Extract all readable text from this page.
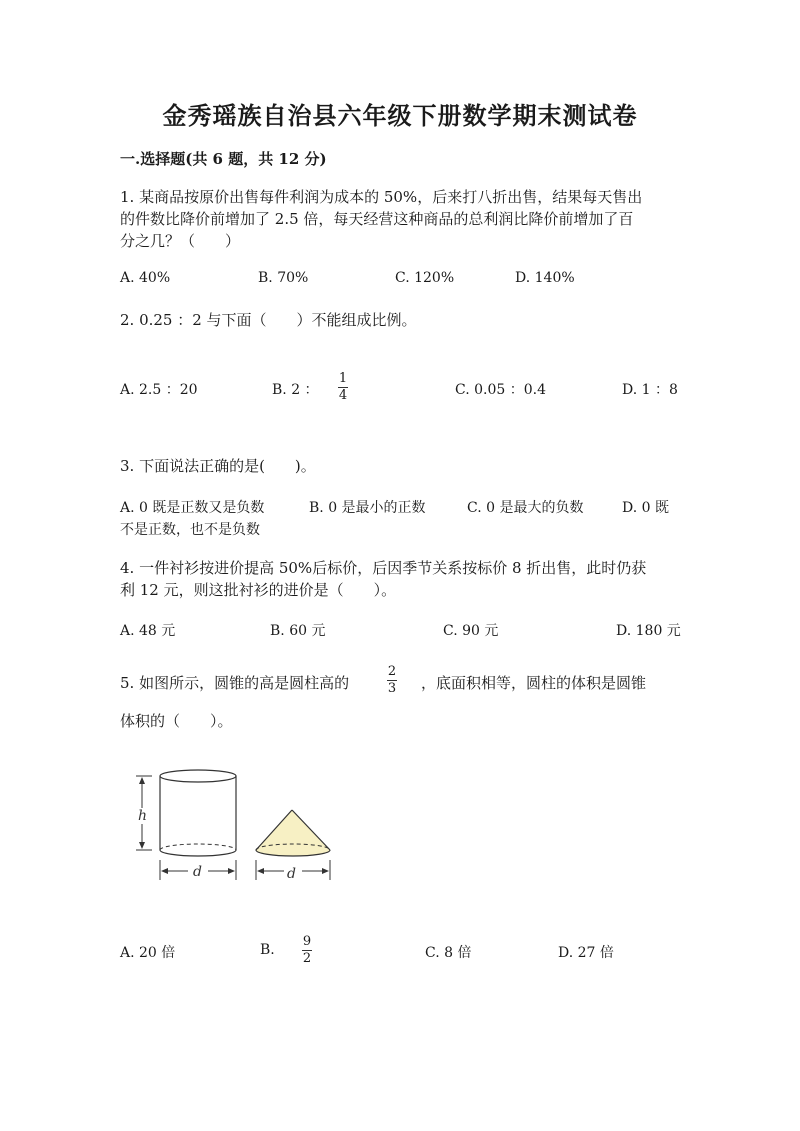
金秀瑶族自治县六年级下册数学期末测试卷
一.选择题(共 6 题，共 12 分)
1. 某商品按原价出售每件利润为成本的 50%，后来打八折出售，结果每天售出
的件数比降价前增加了 2.5 倍，每天经营这种商品的总利润比降价前增加了百
分之几？（　　）
A. 40%	B. 70%	C. 120%	D. 140%
2. 0.25 ：2 与下面（　　）不能组成比例。
A. 2.5 ：20	B. 2 ：
1
4	C. 0.05 ：0.4	D. 1 ：8
3. 下面说法正确的是(　　)。
A. 0 既是正数又是负数	B. 0 是最小的正数	C. 0 是最大的负数	D. 0 既
不是正数，也不是负数
4. 一件衬衫按进价提高 50%后标价，后因季节关系按标价 8 折出售，此时仍获
利 12 元，则这批衬衫的进价是（　　）。
A. 48 元	B. 60 元	C. 90 元	D. 180 元
5. 如图所示，圆锥的高是圆柱高的
2
3 ，底面积相等，圆柱的体积是圆锥
体积的（　　）。
h
d	d
A. 20 倍	B.
9
2	C. 8 倍	D. 27 倍
